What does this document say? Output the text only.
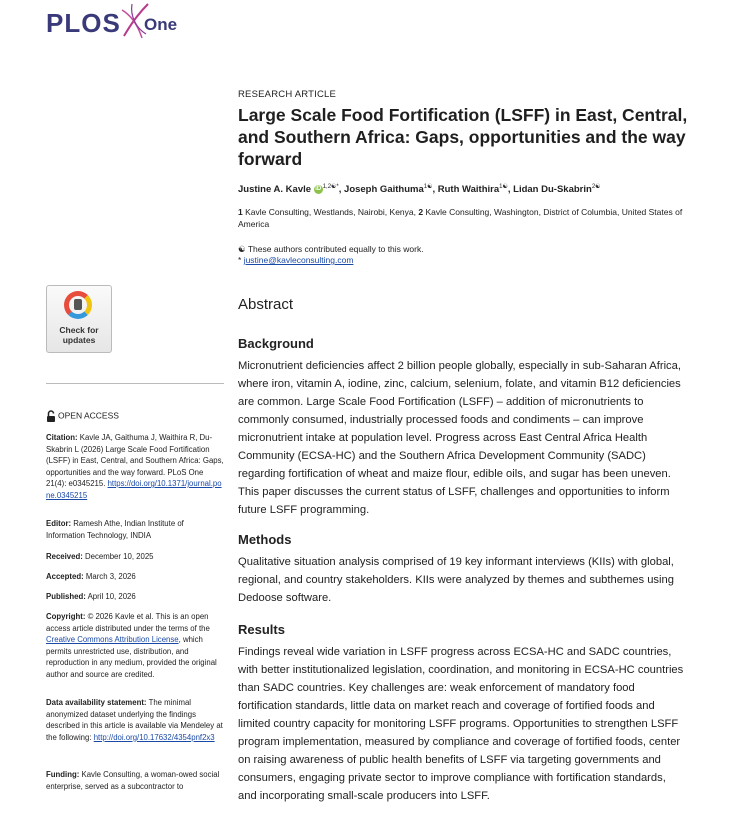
PLOS One
RESEARCH ARTICLE
Large Scale Food Fortification (LSFF) in East, Central, and Southern Africa: Gaps, opportunities and the way forward
Justine A. Kavle iD $^{1,2☯*}$, Joseph Gaithuma$^{1☯}$, Ruth Waithira$^{1☯}$, Lidan Du-Skabrin$^{2☯}$
1 Kavle Consulting, Westlands, Nairobi, Kenya, 2 Kavle Consulting, Washington, District of Columbia, United States of America
☯ These authors contributed equally to this work.
* justine@kavleconsulting.com
Check for
updates
OPEN ACCESS
Citation: Kavle JA, Gaithuma J, Waithira R, Du-Skabrin L (2026) Large Scale Food Fortification (LSFF) in East, Central, and Southern Africa: Gaps, opportunities and the way forward. PLoS One 21(4): e0345215. https://doi.org/10.1371/journal.pone.0345215
Editor: Ramesh Athe, Indian Institute of Information Technology, INDIA
Received: December 10, 2025
Accepted: March 3, 2026
Published: April 10, 2026
Copyright: © 2026 Kavle et al. This is an open access article distributed under the terms of the Creative Commons Attribution License, which permits unrestricted use, distribution, and reproduction in any medium, provided the original author and source are credited.
Data availability statement: The minimal anonymized dataset underlying the findings described in this article is available via Mendeley at the following: http://doi.org/10.17632/4354pnf2x3
Funding: Kavle Consulting, a woman-owed social enterprise, served as a subcontractor to
Abstract
Background
Micronutrient deficiencies affect 2 billion people globally, especially in sub-Saharan Africa, where iron, vitamin A, iodine, zinc, calcium, selenium, folate, and vitamin B12 deficiencies are common. Large Scale Food Fortification (LSFF) – addition of micronutrients to commonly consumed, industrially processed foods and condiments – can improve micronutrient intake at population level. Progress across East Central Africa Health Community (ECSA-HC) and the Southern Africa Development Community (SADC) regarding fortification of wheat and maize flour, edible oils, and sugar has been uneven. This paper discusses the current status of LSFF, challenges and opportunities to inform future LSFF programming.
Methods
Qualitative situation analysis comprised of 19 key informant interviews (KIIs) with global, regional, and country stakeholders. KIIs were analyzed by themes and subthemes using Dedoose software.
Results
Findings reveal wide variation in LSFF progress across ECSA-HC and SADC countries, with better institutionalized legislation, coordination, and monitoring in ECSA-HC countries than SADC countries. Key challenges are: weak enforcement of mandatory food fortification standards, little data on market reach and coverage of fortified foods and limited country capacity for monitoring LSFF programs. Opportunities to strengthen LSFF program implementation, measured by compliance and coverage of fortified foods, center on raising awareness of public health benefits of LSFF via targeting governments and consumers, engaging private sector to improve compliance with fortification standards, and incorporating small-scale producers into LSFF.
